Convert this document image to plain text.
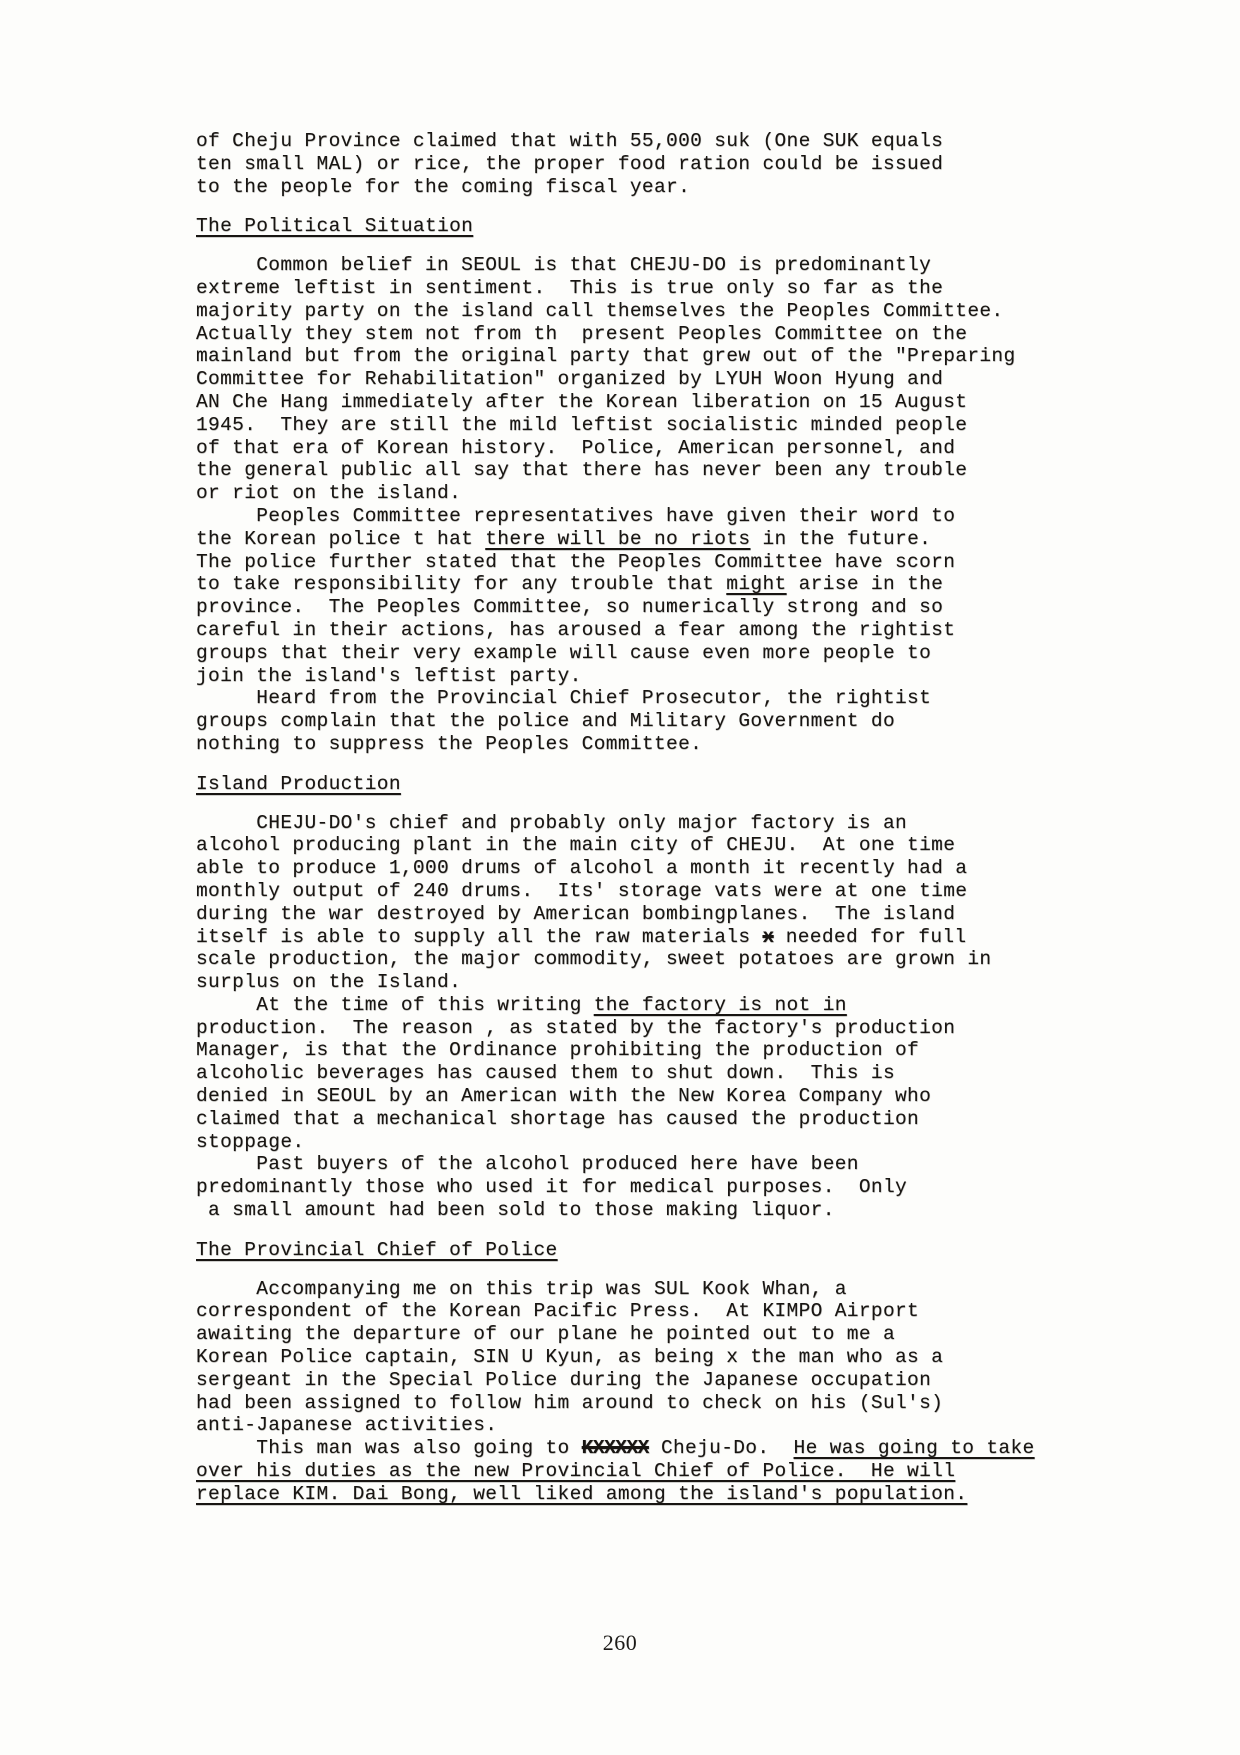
of Cheju Province claimed that with 55,000 suk (One SUK equals
ten small MAL) or rice, the proper food ration could be issued
to the people for the coming fiscal year.
The Political Situation
Common belief in SEOUL is that CHEJU-DO is predominantly
extreme leftist in sentiment.  This is true only so far as the
majority party on the island call themselves the Peoples Committee.
Actually they stem not from th  present Peoples Committee on the
mainland but from the original party that grew out of the "Preparing
Committee for Rehabilitation" organized by LYUH Woon Hyung and
AN Che Hang immediately after the Korean liberation on 15 August
1945.  They are still the mild leftist socialistic minded people
of that era of Korean history.  Police, American personnel, and
the general public all say that there has never been any trouble
or riot on the island.
Peoples Committee representatives have given their word to
the Korean police t hat there will be no riots in the future.
The police further stated that the Peoples Committee have scorn
to take responsibility for any trouble that might arise in the
province.  The Peoples Committee, so numerically strong and so
careful in their actions, has aroused a fear among the rightist
groups that their very example will cause even more people to
join the island's leftist party.
Heard from the Provincial Chief Prosecutor, the rightist
groups complain that the police and Military Government do
nothing to suppress the Peoples Committee.
Island Production
CHEJU-DO's chief and probably only major factory is an
alcohol producing plant in the main city of CHEJU.  At one time
able to produce 1,000 drums of alcohol a month it recently had a
monthly output of 240 drums.  Its' storage vats were at one time
during the war destroyed by American bombingplanes.  The island
itself is able to supply all the raw materials x needed for full
scale production, the major commodity, sweet potatoes are grown in
surplus on the Island.
At the time of this writing the factory is not in
production.  The reason , as stated by the factory's production
Manager, is that the Ordinance prohibiting the production of
alcoholic beverages has caused them to shut down.  This is
denied in SEOUL by an American with the New Korea Company who
claimed that a mechanical shortage has caused the production
stoppage.
Past buyers of the alcohol produced here have been
predominantly those who used it for medical purposes.  Only
a small amount had been sold to those making liquor.
The Provincial Chief of Police
Accompanying me on this trip was SUL Kook Whan, a
correspondent of the Korean Pacific Press.  At KIMPO Airport
awaiting the departure of our plane he pointed out to me a
Korean Police captain, SIN U Kyun, as being x the man who as a
sergeant in the Special Police during the Japanese occupation
had been assigned to follow him around to check on his (Sul's)
anti-Japanese activities.
This man was also going to KXXXXX Cheju-Do.  He was going to take
over his duties as the new Provincial Chief of Police.  He will
replace KIM. Dai Bong, well liked among the island's population.
260
